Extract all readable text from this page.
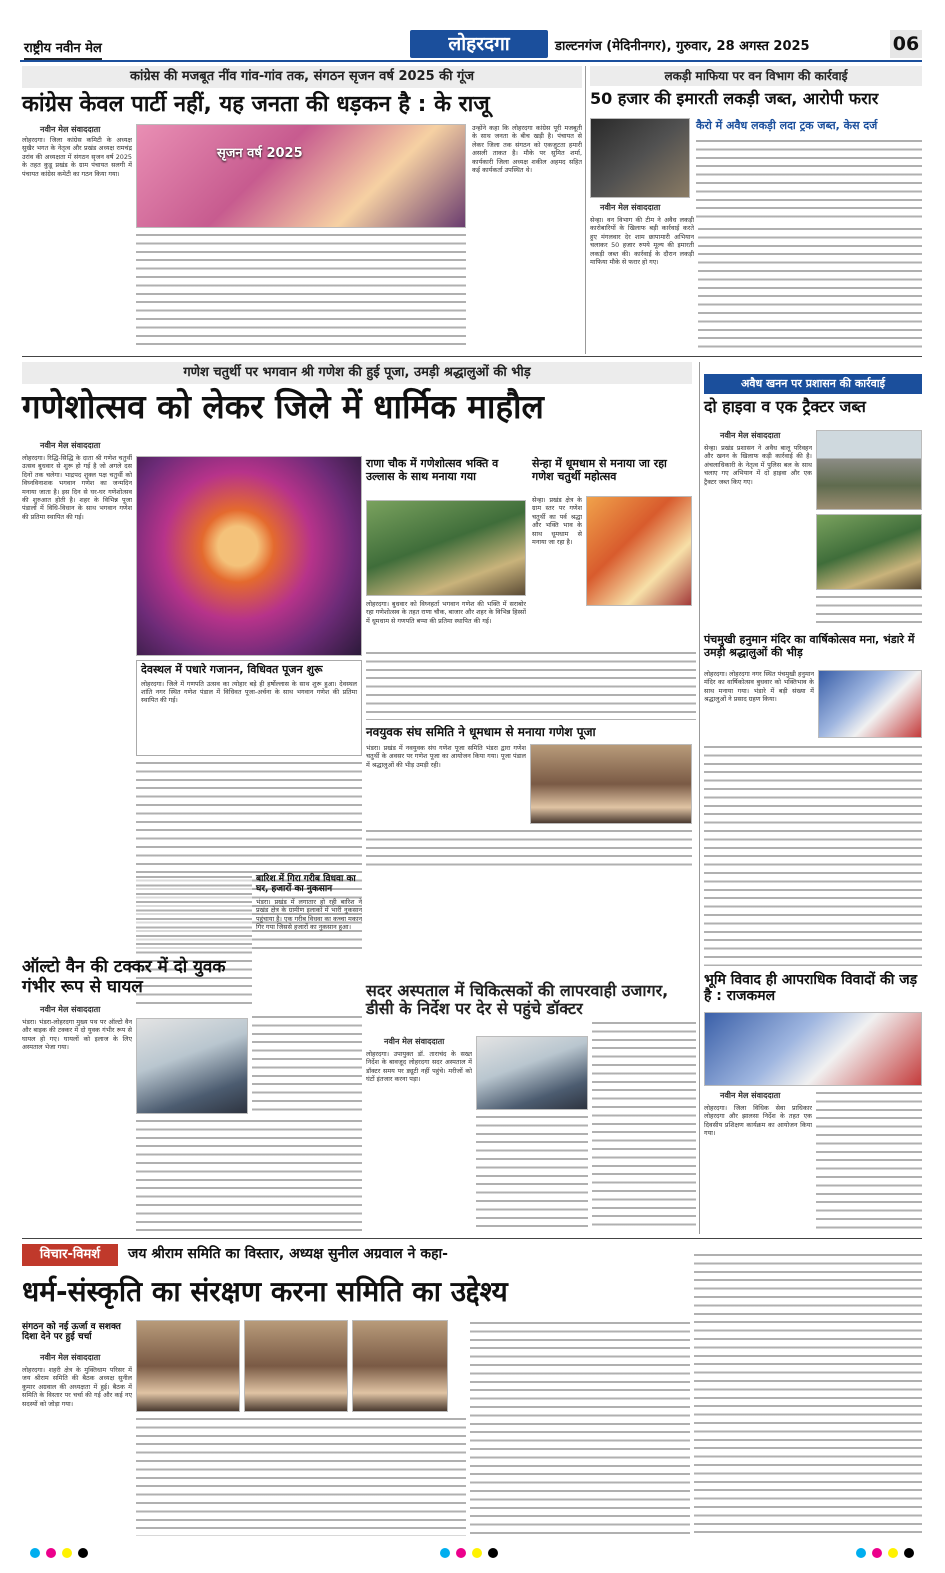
राष्ट्रीय नवीन मेल	लोहरदगा	डाल्टनगंज (मेदिनीनगर), गुरुवार, 28 अगस्त 2025	06
कांग्रेस की मजबूत नींव गांव-गांव तक, संगठन सृजन वर्ष 2025 की गूंज
कांग्रेस केवल पार्टी नहीं, यह जनता की धड़कन है : के राजू
नवीन मेल संवाददाता
लोहरदगा। जिला कांग्रेस कमिटी के अध्यक्ष सुखैर भगत के नेतृत्व और प्रखंड अध्यक्ष रामचंद्र उरांव की अध्यक्षता में संगठन सृजन वर्ष 2025 के तहत कुडू प्रखंड के ग्राम पंचायत सलगी में पंचायत कांग्रेस कमेटी का गठन किया गया।
सृजन वर्ष 2025
उन्होंने कहा कि लोहरदगा कांग्रेस पूरी मजबूती के साथ जनता के बीच खड़ी है। पंचायत से लेकर जिला तक संगठन को एकजुटता हमारी असली ताकत है। मौके पर सुमित शर्मा, कार्यकारी जिला अध्यक्ष शकील अहमद सहित कई कार्यकर्ता उपस्थित थे।
लकड़ी माफिया पर वन विभाग की कार्रवाई
50 हजार की इमारती लकड़ी जब्त, आरोपी फरार
नवीन मेल संवाददाता
कैरो में अवैध लकड़ी लदा ट्रक जब्त, केस दर्ज
सेन्हा। वन विभाग की टीम ने अवैध लकड़ी कारोबारियों के खिलाफ बड़ी कार्रवाई करते हुए मंगलवार देर शाम छापामारी अभियान चलाकर 50 हजार रुपये मूल्य की इमारती लकड़ी जब्त की। कार्रवाई के दौरान लकड़ी माफिया मौके से फरार हो गए।
गणेश चतुर्थी पर भगवान श्री गणेश की हुई पूजा, उमड़ी श्रद्धालुओं की भीड़
गणेशोत्सव को लेकर जिले में धार्मिक माहौल
नवीन मेल संवाददाता
लोहरदगा। रिद्धि-सिद्धि के दाता श्री गणेश चतुर्थी उत्सव बुधवार से शुरू हो गई है जो अगले दस दिनों तक चलेगा। भाद्रपद शुक्ल पक्ष चतुर्थी को विघ्नविनाशक भगवान गणेश का जन्मदिन मनाया जाता है। इस दिन से घर-घर गणेशोत्सव की शुरुआत होती है। शहर के विभिन्न पूजा पंडालों में विधि-विधान के साथ भगवान गणेश की प्रतिमा स्थापित की गई।
देवस्थल में पधारे गजानन, विधिवत पूजन शुरू
लोहरदगा। जिले में गणपति उत्सव का त्योहार बड़े ही हर्षोल्लास के साथ शुरू हुआ। देवस्थल शांति नगर स्थित गणेश पंडाल में विधिवत पूजा-अर्चना के साथ भगवान गणेश की प्रतिमा स्थापित की गई।
राणा चौक में गणेशोत्सव भक्ति व उल्लास के साथ मनाया गया
लोहरदगा। बुधवार को विघ्नहर्ता भगवान गणेश की भक्ति में सराबोर रहा गणेशोत्सव के तहत राणा चौक, बाजार और शहर के विभिन्न हिस्सों में धूमधाम से गणपति बप्पा की प्रतिमा स्थापित की गई।
सेन्हा में धूमधाम से मनाया जा रहा गणेश चतुर्थी महोत्सव
सेन्हा। प्रखंड क्षेत्र के ग्राम स्तर पर गणेश चतुर्थी का पर्व श्रद्धा और भक्ति भाव के साथ धूमधाम से मनाया जा रहा है।
नवयुवक संघ समिति ने धूमधाम से मनाया गणेश पूजा
भंडरा। प्रखंड में नवयुवक संघ गणेश पूजा समिति भंडरा द्वारा गणेश चतुर्थी के अवसर पर गणेश पूजा का आयोजन किया गया। पूजा पंडाल में श्रद्धालुओं की भीड़ उमड़ी रही।
बारिश में गिरा गरीब विधवा का घर, हजारों का नुकसान
भंडरा। प्रखंड में लगातार हो रही बारिश ने प्रखंड क्षेत्र के ग्रामीण इलाकों में भारी नुकसान पहुंचाया है। एक गरीब विधवा का कच्चा मकान गिर गया जिससे हजारों का नुकसान हुआ।
ऑल्टो वैन की टक्कर में दो युवक गंभीर रूप से घायल
नवीन मेल संवाददाता
भंडरा। भंडरा-लोहरदगा मुख्य पथ पर ऑल्टो वैन और बाइक की टक्कर में दो युवक गंभीर रूप से घायल हो गए। घायलों को इलाज के लिए अस्पताल भेजा गया।
सदर अस्पताल में चिकित्सकों की लापरवाही उजागर, डीसी के निर्देश पर देर से पहुंचे डॉक्टर
नवीन मेल संवाददाता
लोहरदगा। उपायुक्त डॉ. ताराचंद के सख्त निर्देश के बावजूद लोहरदगा सदर अस्पताल में डॉक्टर समय पर ड्यूटी नहीं पहुंचे। मरीजों को घंटों इंतजार करना पड़ा।
अवैध खनन पर प्रशासन की कार्रवाई
दो हाइवा व एक ट्रैक्टर जब्त
नवीन मेल संवाददाता
सेन्हा। प्रखंड प्रशासन ने अवैध बालू परिवहन और खनन के खिलाफ कड़ी कार्रवाई की है। अंचलाधिकारी के नेतृत्व में पुलिस बल के साथ चलाए गए अभियान में दो हाइवा और एक ट्रैक्टर जब्त किए गए।
पंचमुखी हनुमान मंदिर का वार्षिकोत्सव मना, भंडारे में उमड़ी श्रद्धालुओं की भीड़
लोहरदगा। लोहरदगा नगर स्थित पंचमुखी हनुमान मंदिर का वार्षिकोत्सव बुधवार को भक्तिभाव के साथ मनाया गया। भंडारे में बड़ी संख्या में श्रद्धालुओं ने प्रसाद ग्रहण किया।
भूमि विवाद ही आपराधिक विवादों की जड़ है : राजकमल
नवीन मेल संवाददाता
लोहरदगा। जिला विधिक सेवा प्राधिकार लोहरदगा और झालसा निर्देश के तहत एक दिवसीय प्रशिक्षण कार्यक्रम का आयोजन किया गया।
विचार-विमर्श	जय श्रीराम समिति का विस्तार, अध्यक्ष सुनील अग्रवाल ने कहा-
धर्म-संस्कृति का संरक्षण करना समिति का उद्देश्य
संगठन को नई ऊर्जा व सशक्त दिशा देने पर हुई चर्चा
नवीन मेल संवाददाता
लोहरदगा। शहरी क्षेत्र के मुक्तिधाम परिसर में जय श्रीराम समिति की बैठक अध्यक्ष सुनील कुमार अग्रवाल की अध्यक्षता में हुई। बैठक में समिति के विस्तार पर चर्चा की गई और कई नए सदस्यों को जोड़ा गया।
